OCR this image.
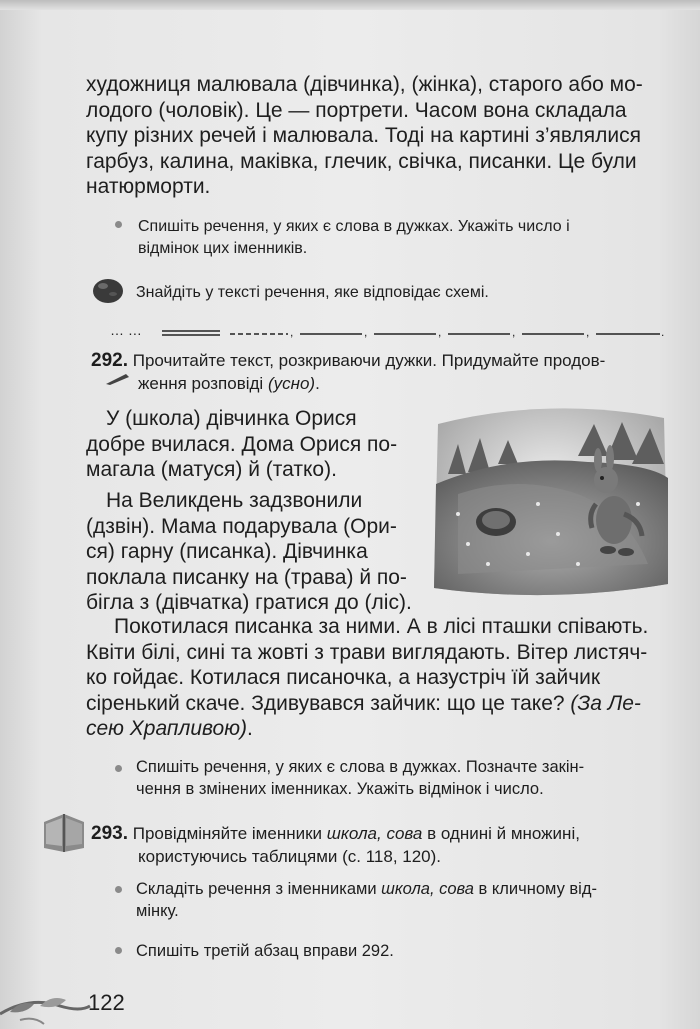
художниця малювала (дівчинка), (жінка), старого або мо-

лодого (чоловік). Це — портрети. Часом вона складала

купу різних речей і малювала. Тоді на картині з’являлися

гарбуз, калина, маківка, глечик, свічка, писанки. Це були

натюрморти.

Спишіть речення, у яких є слова в дужках. Укажіть число і
відмінок цих іменників.
Знайдіть у тексті речення, яке відповідає схемі.
… …	,	,	,	,	,	.
292. Прочитайте текст, розкриваючи дужки. Придумайте продов-
ження розповіді (усно).

У (школа) дівчинка Орися

добре вчилася. Дома Орися по-

магала (матуся) й (татко).

На Великдень задзвонили

(дзвін). Мама подарувала (Ори-

ся) гарну (писанка). Дівчинка

поклала писанку на (трава) й по-

бігла з (дівчатка) гратися до (ліс).

Покотилася писанка за ними. А в лісі пташки співають.

Квіти білі, сині та жовті з трави виглядають. Вітер листяч-

ко гойдає. Котилася писаночка, а назустріч їй зайчик

сіренький скаче. Здивувався зайчик: що це таке? (За Ле-

сею Храпливою).

Спишіть речення, у яких є слова в дужках. Позначте закін-
чення в змінених іменниках. Укажіть відмінок і число.
293. Провідміняйте іменники школа, сова в однині й множині,
користуючись таблицями (с. 118, 120).
Складіть речення з іменниками школа, сова в кличному від-
мінку.
Спишіть третій абзац вправи 292.
122
